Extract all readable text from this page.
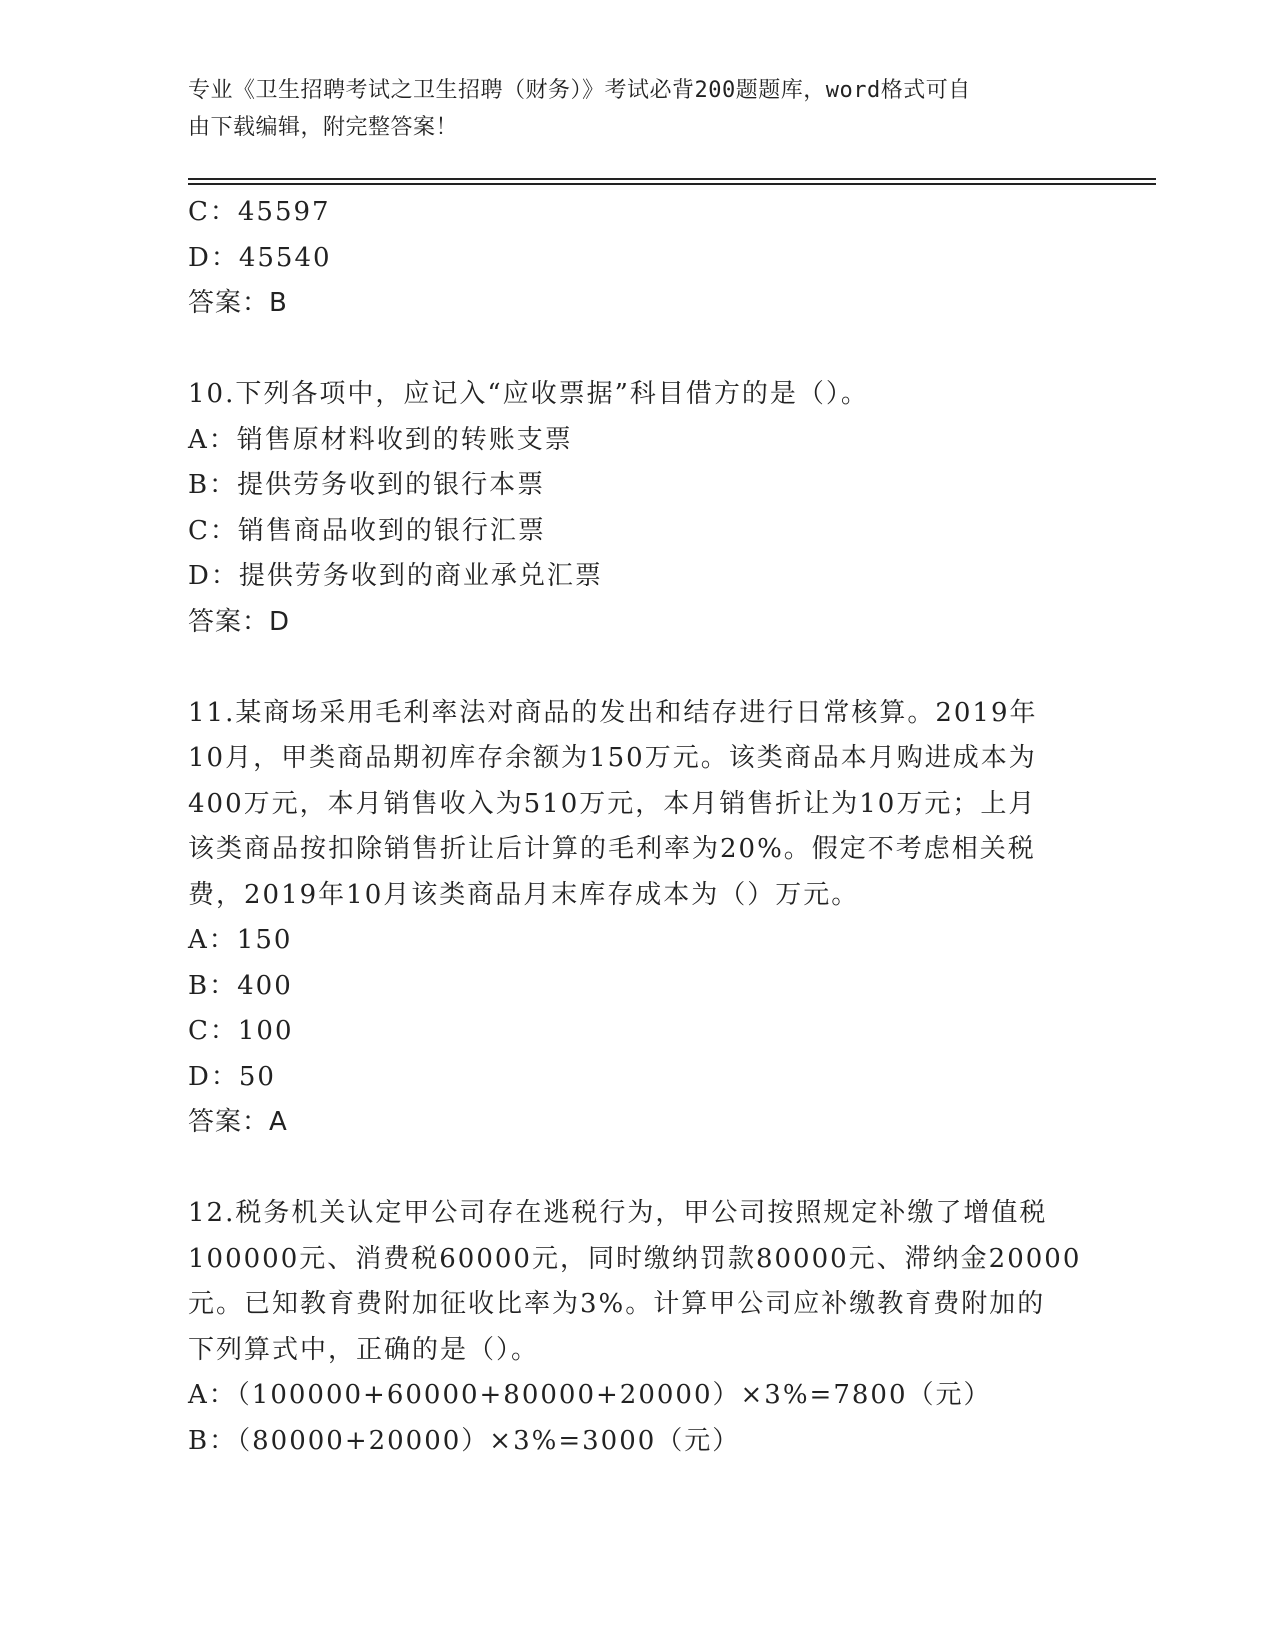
专业《卫生招聘考试之卫生招聘（财务）》考试必背200题题库，word格式可自
由下载编辑，附完整答案！
C：45597
D：45540
答案：B
10.下列各项中，应记入“应收票据”科目借方的是（）。
A：销售原材料收到的转账支票
B：提供劳务收到的银行本票
C：销售商品收到的银行汇票
D：提供劳务收到的商业承兑汇票
答案：D
11.某商场采用毛利率法对商品的发出和结存进行日常核算。2019年
10月，甲类商品期初库存余额为150万元。该类商品本月购进成本为
400万元，本月销售收入为510万元，本月销售折让为10万元；上月
该类商品按扣除销售折让后计算的毛利率为20%。假定不考虑相关税
费，2019年10月该类商品月末库存成本为（）万元。
A：150
B：400
C：100
D：50
答案：A
12.税务机关认定甲公司存在逃税行为，甲公司按照规定补缴了增值税
100000元、消费税60000元，同时缴纳罚款80000元、滞纳金20000
元。已知教育费附加征收比率为3%。计算甲公司应补缴教育费附加的
下列算式中，正确的是（）。
A：（100000+60000+80000+20000）×3%=7800（元）
B：（80000+20000）×3%=3000（元）
